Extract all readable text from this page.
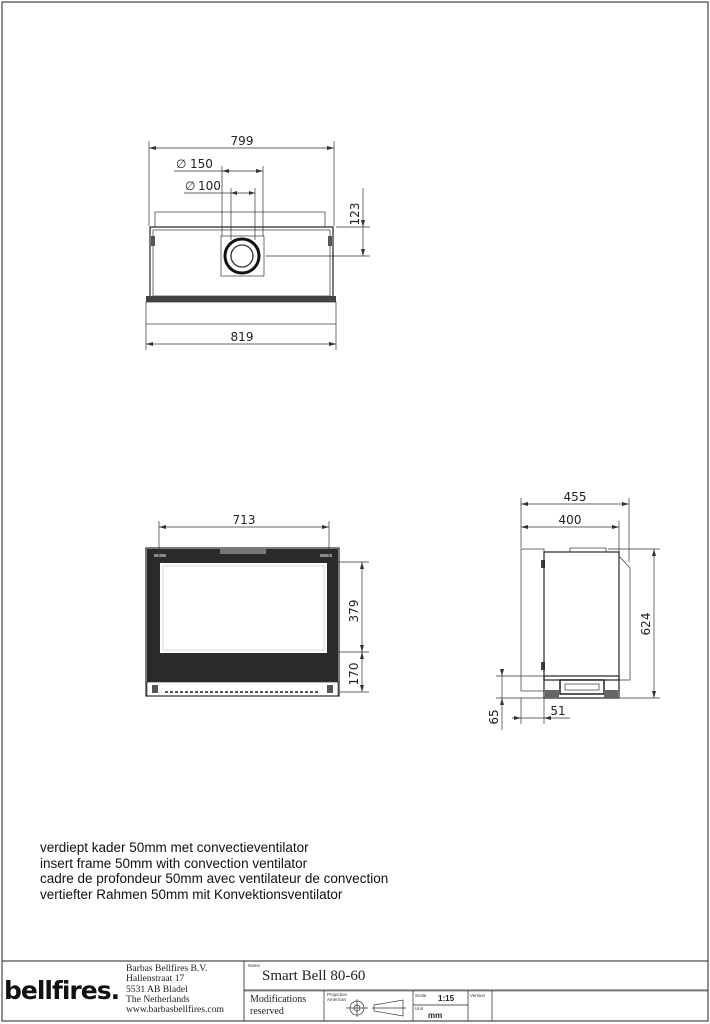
799
∅ 150
∅ 100
123
819
713
379
170
455
400
624
65	51
verdiept kader 50mm met convectieventilator
insert frame 50mm with convection ventilator
cadre de profondeur 50mm avec ventilateur de convection
vertiefter Rahmen 50mm mit Konvektionsventilator
bellfires.
Barbas Bellfires B.V.
Hallenstraat 17
5531 AB Bladel
The Netherlands
www.barbasbellfires.com
Name
Smart Bell 80-60
Modifications
reserved
Projection American
Scale 1:15
Unit
mm
Version
